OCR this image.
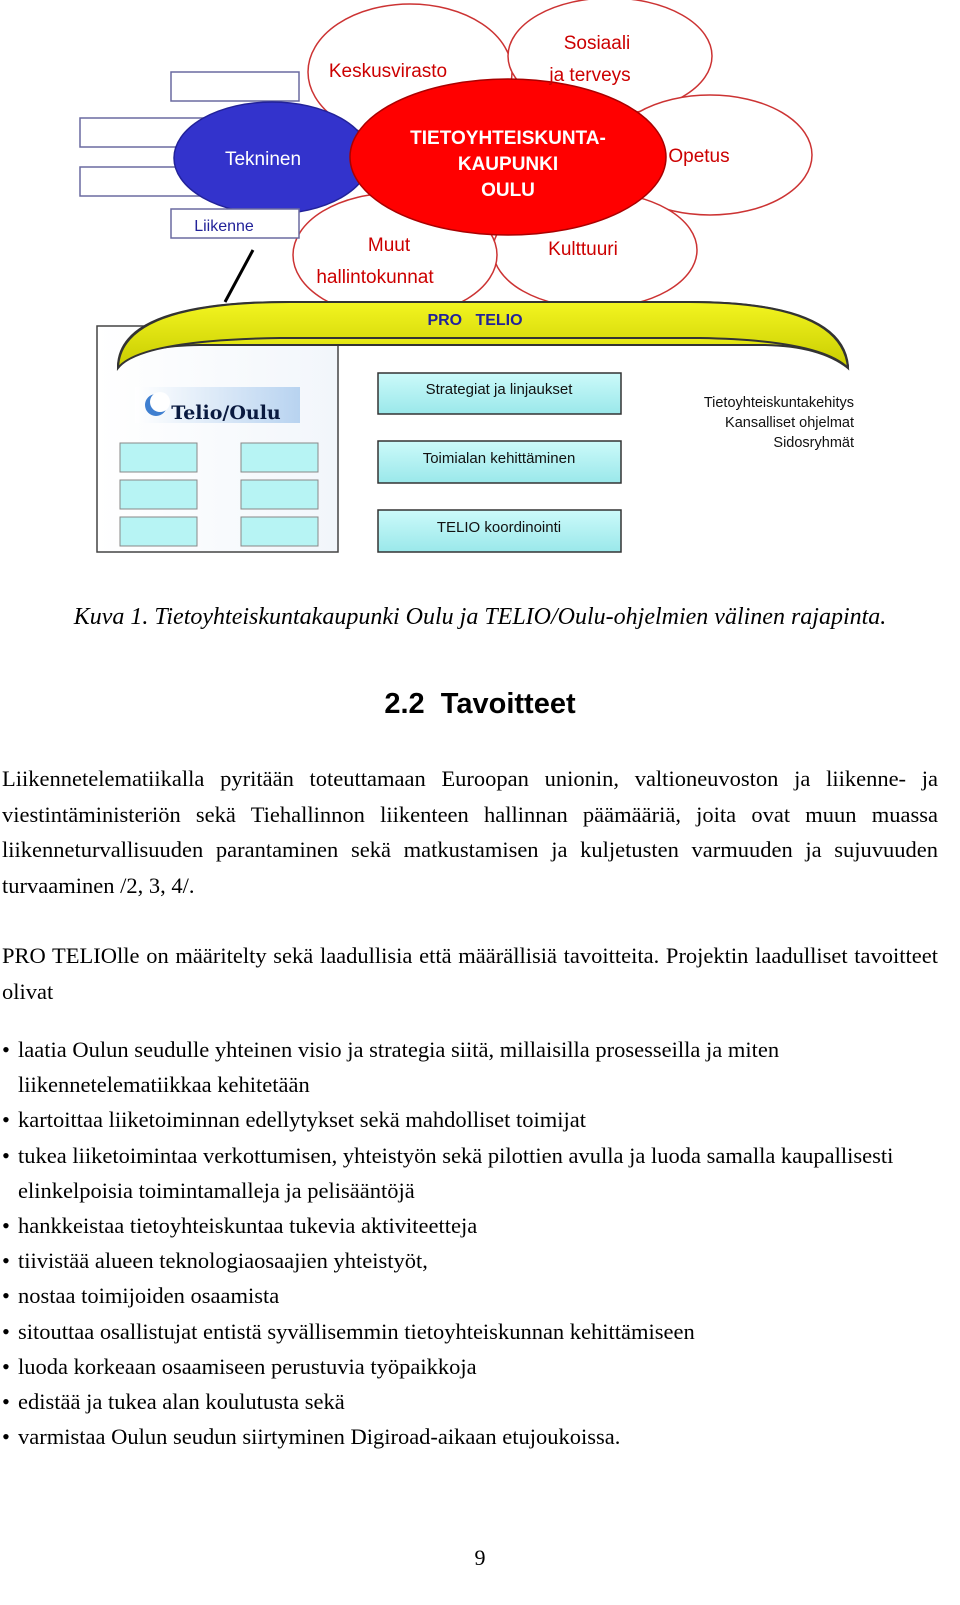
Keskusvirasto
Sosiaali
ja terveys
Tekninen
TIETOYHTEISKUNTA-
KAUPUNKI
OULU
Opetus
Liikenne
Muut
hallintokunnat
Kulttuuri
PRO   TELIO
Telio/Oulu
Strategiat ja linjaukset
Toimialan kehittäminen
TELIO koordinointi
Tietoyhteiskuntakehitys
Kansalliset ohjelmat
Sidosryhmät
Kuva 1. Tietoyhteiskuntakaupunki Oulu ja TELIO/Oulu-ohjelmien välinen rajapinta.
2.2  Tavoitteet

Liikennetelematiikalla pyritään toteuttamaan Euroopan unionin, valtioneuvoston ja liikenne- ja viestintäministeriön sekä Tiehallinnon liikenteen hallinnan päämääriä, joita ovat muun muassa liikenneturvallisuuden parantaminen sekä matkustamisen ja kuljetusten varmuuden ja sujuvuuden turvaaminen /2, 3, 4/.

PRO TELIOlle on määritelty sekä laadullisia että määrällisiä tavoitteita. Projektin laadulliset tavoitteet olivat

• laatia Oulun seudulle yhteinen visio ja strategia siitä, millaisilla prosesseilla ja miten liikennetelematiikkaa kehitetään
• kartoittaa liiketoiminnan edellytykset sekä mahdolliset toimijat
• tukea liiketoimintaa verkottumisen, yhteistyön sekä pilottien avulla ja luoda samalla kaupallisesti elinkelpoisia toimintamalleja ja pelisääntöjä
• hankkeistaa tietoyhteiskuntaa tukevia aktiviteetteja
• tiivistää alueen teknologiaosaajien yhteistyöt,
• nostaa toimijoiden osaamista
• sitouttaa osallistujat entistä syvällisemmin tietoyhteiskunnan kehittämiseen
• luoda korkeaan osaamiseen perustuvia työpaikkoja
• edistää ja tukea alan koulutusta sekä
• varmistaa Oulun seudun siirtyminen Digiroad-aikaan etujoukoissa.
9
